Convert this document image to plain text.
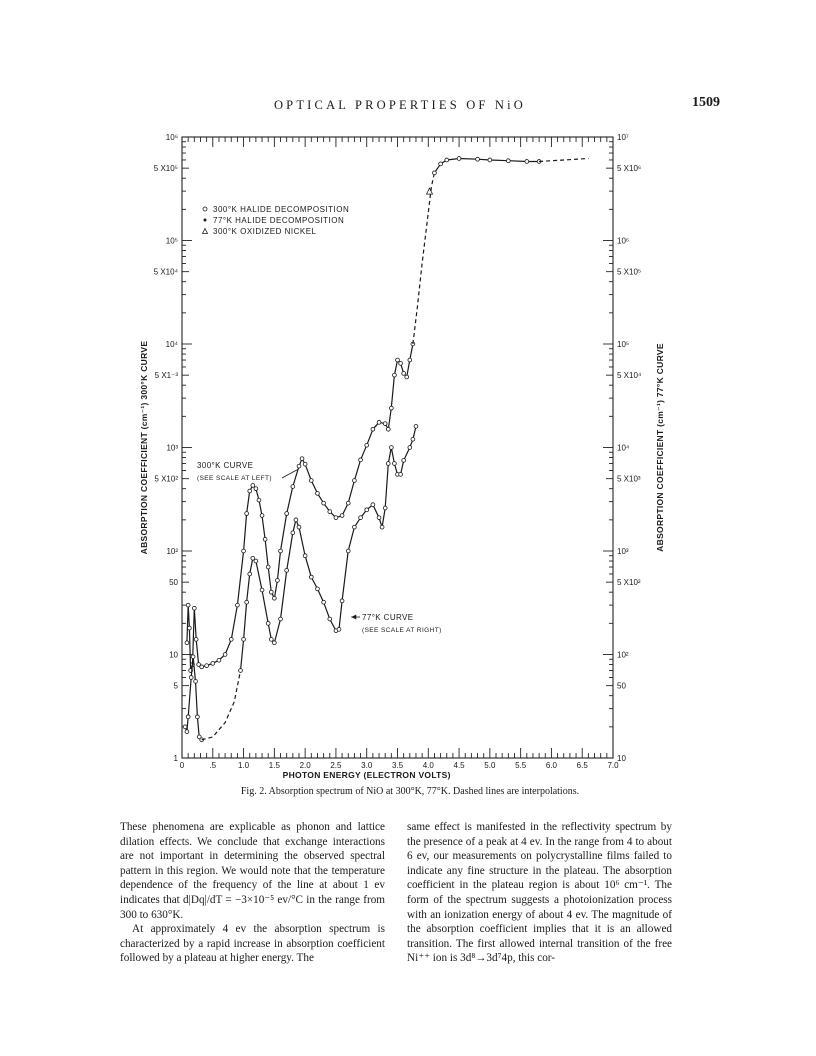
OPTICAL PROPERTIES OF NiO	1509
0	.5	1.0 1.5 2.0 2.5 3.0 3.5 4.0 4.5 5.0 5.5 6.0 6.5 7.0
PHOTON ENERGY (ELECTRON VOLTS)
10⁶
5 X10⁵
10⁵
5 X10⁴
10⁴
5 X1⁻³
10³
5 X10²
10²
50
10
5
1
10⁷
5 X10⁶
10⁶
5 X10⁵
10⁵
5 X10⁴
10⁴
5 X10³
10³
5 X10²
10²
50
10
ABSORPTION COEFFICIENT (cm⁻¹) 300°K CURVE	ABSORPTION COEFFICIENT (cm⁻¹) 77°K CURVE
300°K HALIDE DECOMPOSITION
77°K HALIDE DECOMPOSITION
300°K OXIDIZED NICKEL
300°K CURVE
(SEE SCALE AT LEFT)
77°K CURVE
(SEE SCALE AT RIGHT)
Fig. 2. Absorption spectrum of NiO at 300°K, 77°K. Dashed lines are interpolations.

These phenomena are explicable as phonon and lattice dilation effects. We conclude that exchange interactions are not important in determining the observed spectral pattern in this region. We would note that the temperature dependence of the frequency of the line at about 1 ev indicates that d|Dq|/dT = −3×10⁻⁵ ev/°C in the range from 300 to 630°K.

At approximately 4 ev the absorption spectrum is characterized by a rapid increase in absorption coefficient followed by a plateau at higher energy. The

same effect is manifested in the reflectivity spectrum by the presence of a peak at 4 ev. In the range from 4 to about 6 ev, our measurements on polycrystalline films failed to indicate any fine structure in the plateau. The absorption coefficient in the plateau region is about 10⁶ cm⁻¹. The form of the spectrum suggests a photoionization process with an ionization energy of about 4 ev. The magnitude of the absorption coefficient implies that it is an allowed transition. The first allowed internal transition of the free Ni⁺⁺ ion is 3d⁸→3d⁷4p, this cor-
